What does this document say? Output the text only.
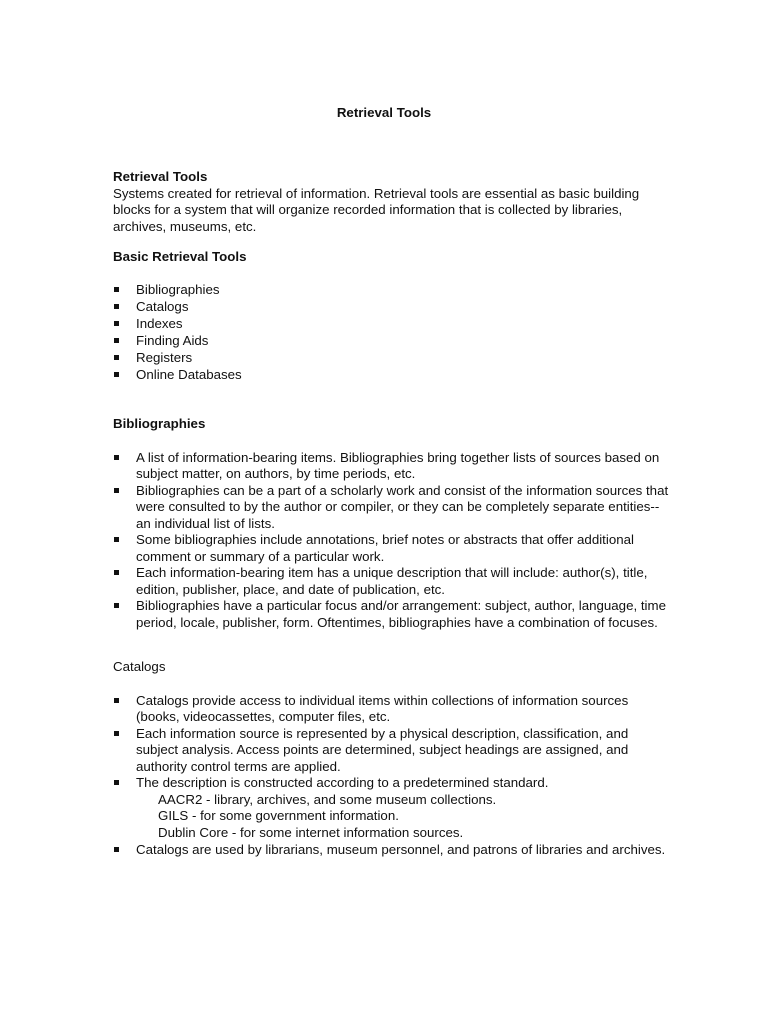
Retrieval Tools
Retrieval Tools

Systems created for retrieval of information. Retrieval tools are essential as basic building blocks for a system that will organize recorded information that is collected by libraries, archives, museums, etc.

Basic Retrieval Tools
Bibliographies
Catalogs
Indexes
Finding Aids
Registers
Online Databases
Bibliographies
A list of information-bearing items. Bibliographies bring together lists of sources based on subject matter, on authors, by time periods, etc.
Bibliographies can be a part of a scholarly work and consist of the information sources that were consulted to by the author or compiler, or they can be completely separate entities--an individual list of lists.
Some bibliographies include annotations, brief notes or abstracts that offer additional comment or summary of a particular work.
Each information-bearing item has a unique description that will include: author(s), title, edition, publisher, place, and date of publication, etc.
Bibliographies have a particular focus and/or arrangement: subject, author, language, time period, locale, publisher, form. Oftentimes, bibliographies have a combination of focuses.
Catalogs
Catalogs provide access to individual items within collections of information sources (books, videocassettes, computer files, etc.
Each information source is represented by a physical description, classification, and subject analysis. Access points are determined, subject headings are assigned, and authority control terms are applied.
The description is constructed according to a predetermined standard.
AACR2 - library, archives, and some museum collections.
GILS - for some government information.
Dublin Core - for some internet information sources.
Catalogs are used by librarians, museum personnel, and patrons of libraries and archives.
